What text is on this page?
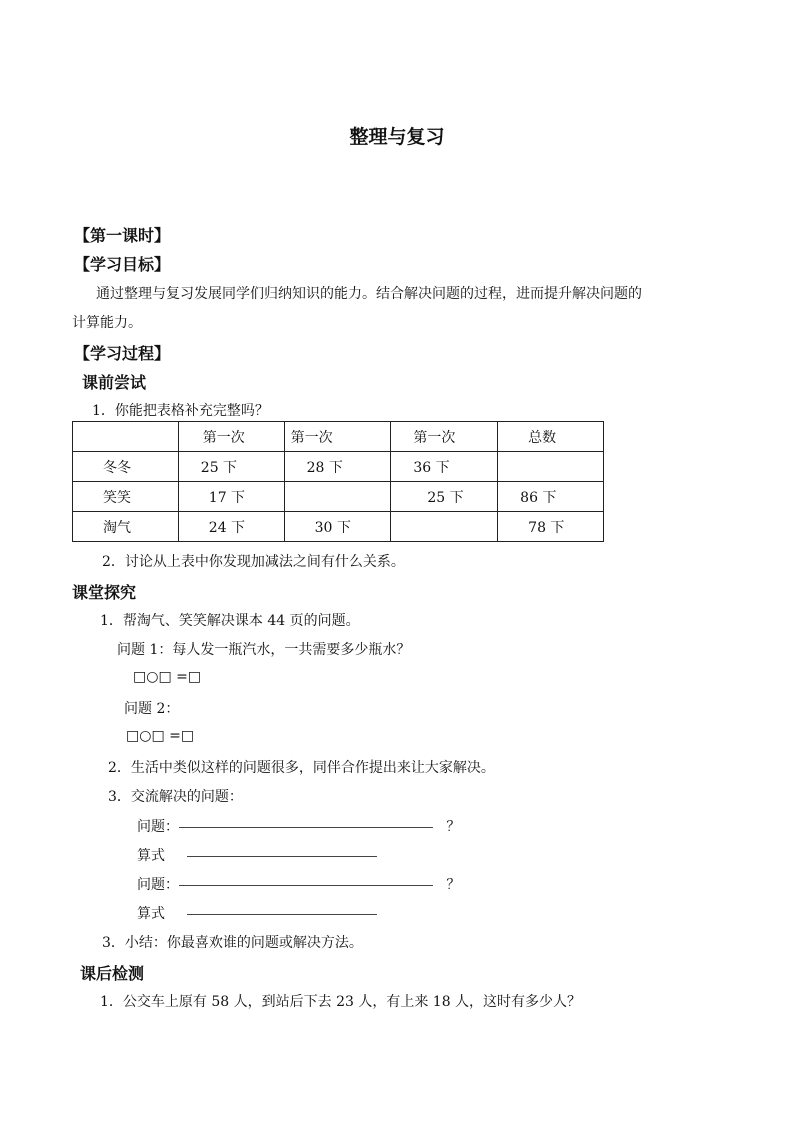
整理与复习
【第一课时】
【学习目标】
通过整理与复习发展同学们归纳知识的能力。结合解决问题的过程，进而提升解决问题的
计算能力。
【学习过程】
课前尝试
1．你能把表格补充完整吗？

	第一次	第一次	第一次	总数

冬冬	25 下	28 下	36 下	

笑笑	17 下		25 下	86 下

淘气	24 下	30 下		78 下
2．讨论从上表中你发现加减法之间有什么关系。
课堂探究
1．帮淘气、笑笑解决课本 44 页的问题。
问题 1：每人发一瓶汽水，一共需要多少瓶水？
□○□ =□
问题 2：
□○□ =□
2．生活中类似这样的问题很多，同伴合作提出来让大家解决。
3．交流解决的问题：
问题：	？
算式
问题：	？
算式
3．小结：你最喜欢谁的问题或解决方法。
课后检测
1．公交车上原有 58 人，到站后下去 23 人，有上来 18 人，这时有多少人？
